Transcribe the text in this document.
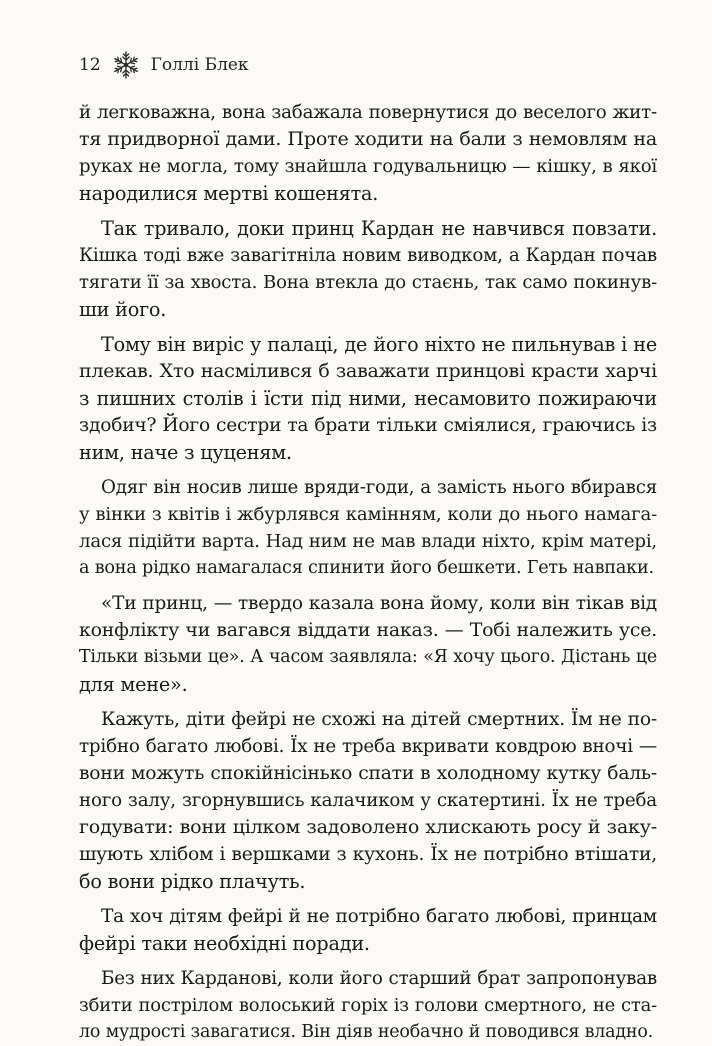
12	Голлі Блек

й легковажна, вона забажала повернутися до веселого жит-
тя придворної дами. Проте ходити на бали з немовлям на
руках не могла, тому знайшла годувальницю — кішку, в якої
народилися мертві кошенята.

Так тривало, доки принц Кардан не навчився повзати.
Кішка тоді вже завагітніла новим виводком, а Кардан почав
тягати її за хвоста. Вона втекла до стаєнь, так само покинув-
ши його.

Тому він виріс у палаці, де його ніхто не пильнував і не
плекав. Хто насмілився б заважати принцові красти харчі
з пишних столів і їсти під ними, несамовито пожираючи
здобич? Його сестри та брати тільки сміялися, граючись із
ним, наче з цуценям.

Одяг він носив лише вряди-годи, а замість нього вбирався
у вінки з квітів і жбурлявся камінням, коли до нього намага-
лася підійти варта. Над ним не мав влади ніхто, крім матері,
а вона рідко намагалася спинити його бешкети. Геть навпаки.

«Ти принц, — твердо казала вона йому, коли він тікав від
конфлікту чи вагався віддати наказ. — Тобі належить усе.
Тільки візьми це». А часом заявляла: «Я хочу цього. Дістань це
для мене».

Кажуть, діти фейрі не схожі на дітей смертних. Їм не по-
трібно багато любові. Їх не треба вкривати ковдрою вночі —
вони можуть спокійнісінько спати в холодному кутку баль-
ного залу, згорнувшись калачиком у скатертині. Їх не треба
годувати: вони цілком задоволено хлискають росу й заку-
шують хлібом і вершками з кухонь. Їх не потрібно втішати,
бо вони рідко плачуть.

Та хоч дітям фейрі й не потрібно багато любові, принцам
фейрі таки необхідні поради.

Без них Карданові, коли його старший брат запропонував
збити пострілом волоський горіх із голови смертного, не ста-
ло мудрості завагатися. Він діяв необачно й поводився владно.
